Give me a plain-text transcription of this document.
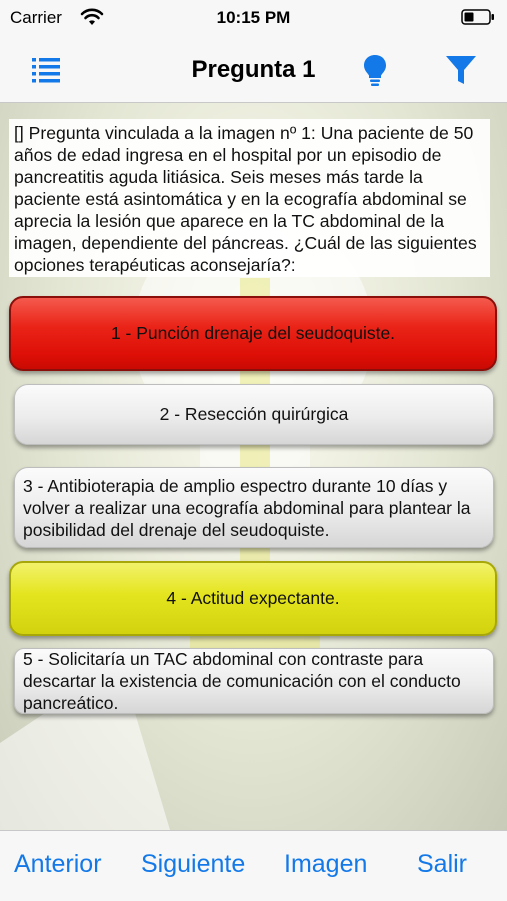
Carrier	10:15 PM
Pregunta 1
[] Pregunta vinculada a la imagen nº 1: Una paciente de 50 años de edad ingresa en el hospital por un episodio de pancreatitis aguda litiásica. Seis meses más tarde la paciente está asintomática y en la ecografía abdominal se aprecia la lesión que aparece en la TC abdominal de la imagen, dependiente del páncreas. ¿Cuál de las siguientes opciones terapéuticas aconsejaría?:
1 - Punción drenaje del seudoquiste.
2 - Resección quirúrgica
3 - Antibioterapia de amplio espectro durante 10 días y volver a realizar una ecografía abdominal para plantear la posibilidad del drenaje del seudoquiste.
4 - Actitud expectante.
5 - Solicitaría un TAC abdominal con contraste para descartar la existencia de comunicación con el conducto pancreático.
Anterior Siguiente Imagen Salir
